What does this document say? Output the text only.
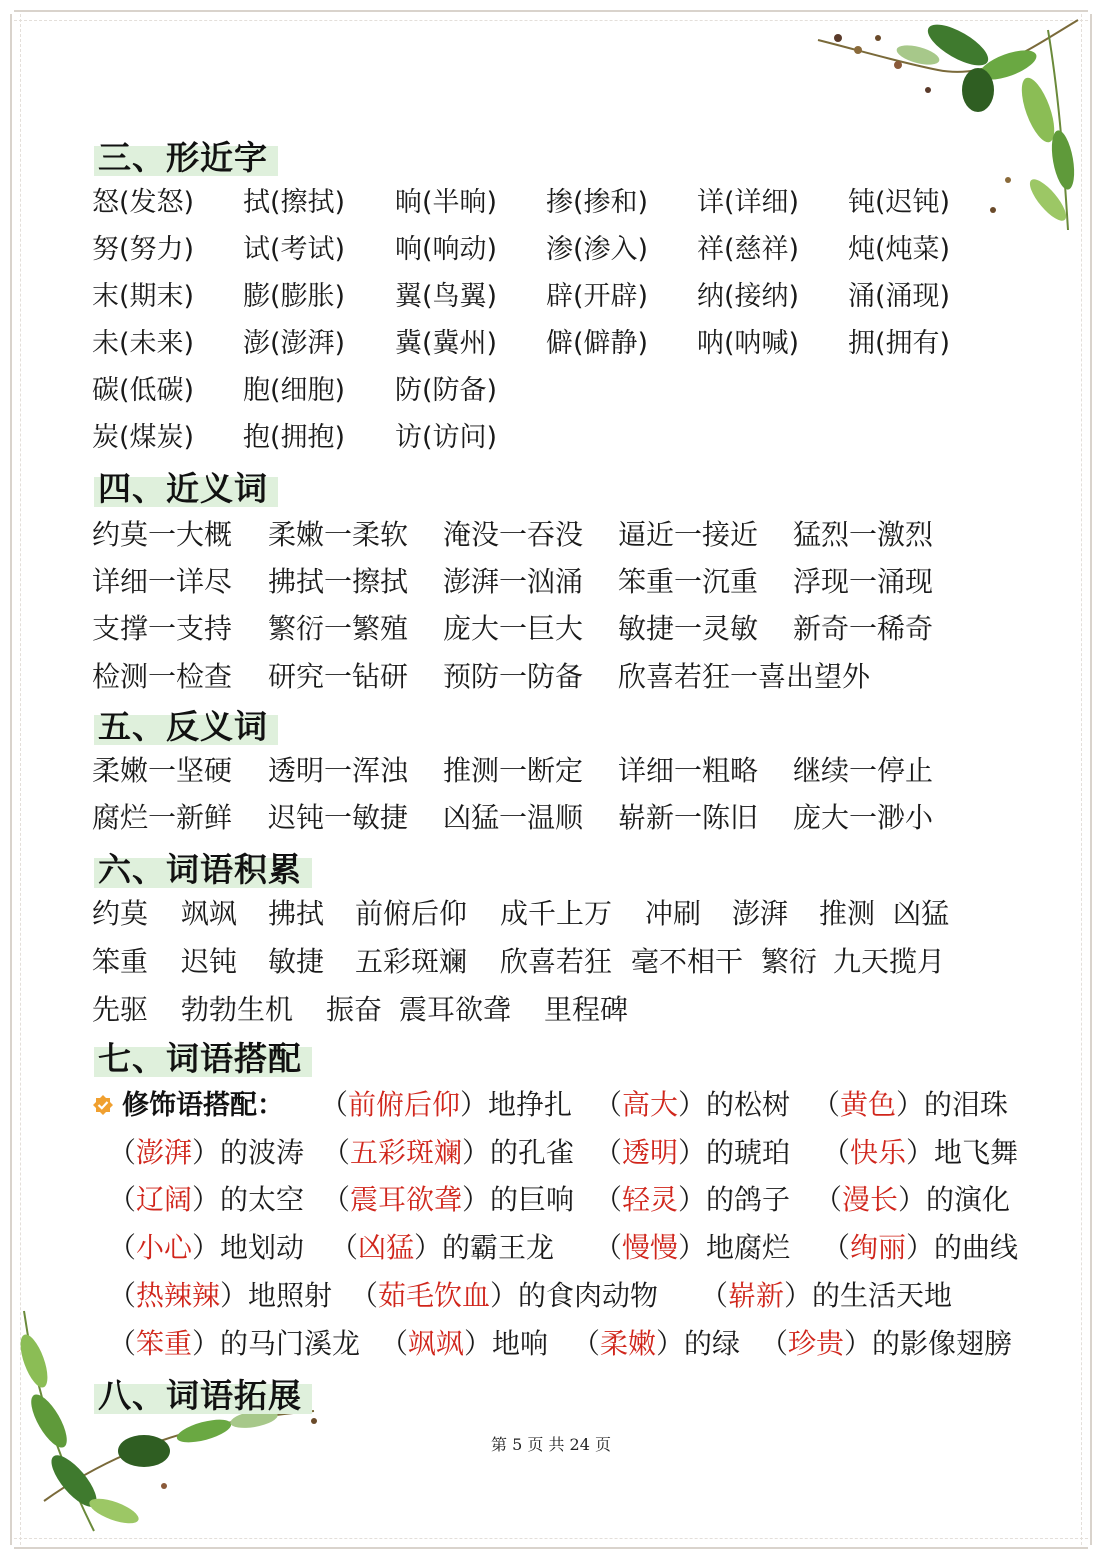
三、形近字
怒(发怒) 拭(擦拭) 晌(半晌) 掺(掺和) 详(详细) 钝(迟钝)
努(努力) 试(考试) 响(响动) 渗(渗入) 祥(慈祥) 炖(炖菜)
末(期末) 膨(膨胀) 翼(鸟翼) 辟(开辟) 纳(接纳) 涌(涌现)
未(未来) 澎(澎湃) 冀(冀州) 僻(僻静) 呐(呐喊) 拥(拥有)
碳(低碳) 胞(细胞) 防(防备)
炭(煤炭) 抱(拥抱) 访(访问)
四、近义词
约莫一大概 柔嫩一柔软 淹没一吞没 逼近一接近 猛烈一激烈
详细一详尽 拂拭一擦拭 澎湃一汹涌 笨重一沉重 浮现一涌现
支撑一支持 繁衍一繁殖 庞大一巨大 敏捷一灵敏 新奇一稀奇
检测一检查 研究一钻研 预防一防备 欣喜若狂一喜出望外
五、反义词
柔嫩一坚硬 透明一浑浊 推测一断定 详细一粗略 继续一停止
腐烂一新鲜 迟钝一敏捷 凶猛一温顺 崭新一陈旧 庞大一渺小
六、词语积累
约莫 飒飒 拂拭 前俯后仰 成千上万 冲刷 澎湃 推测 凶猛
笨重 迟钝 敏捷 五彩斑斓 欣喜若狂 毫不相干 繁衍 九天揽月
先驱 勃勃生机 振奋 震耳欲聋 里程碑
七、词语搭配
修饰语搭配： （前俯后仰）地挣扎 （高大）的松树 （黄色）的泪珠
（澎湃）的波涛 （五彩斑斓）的孔雀 （透明）的琥珀 （快乐）地飞舞
（辽阔）的太空 （震耳欲聋）的巨响 （轻灵）的鸽子 （漫长）的演化
（小心）地划动 （凶猛）的霸王龙 （慢慢）地腐烂 （绚丽）的曲线
（热辣辣）地照射 （茹毛饮血）的食肉动物 （崭新）的生活天地
（笨重）的马门溪龙 （飒飒）地响 （柔嫩）的绿 （珍贵）的影像翅膀
八、词语拓展
第 5 页 共 24 页
